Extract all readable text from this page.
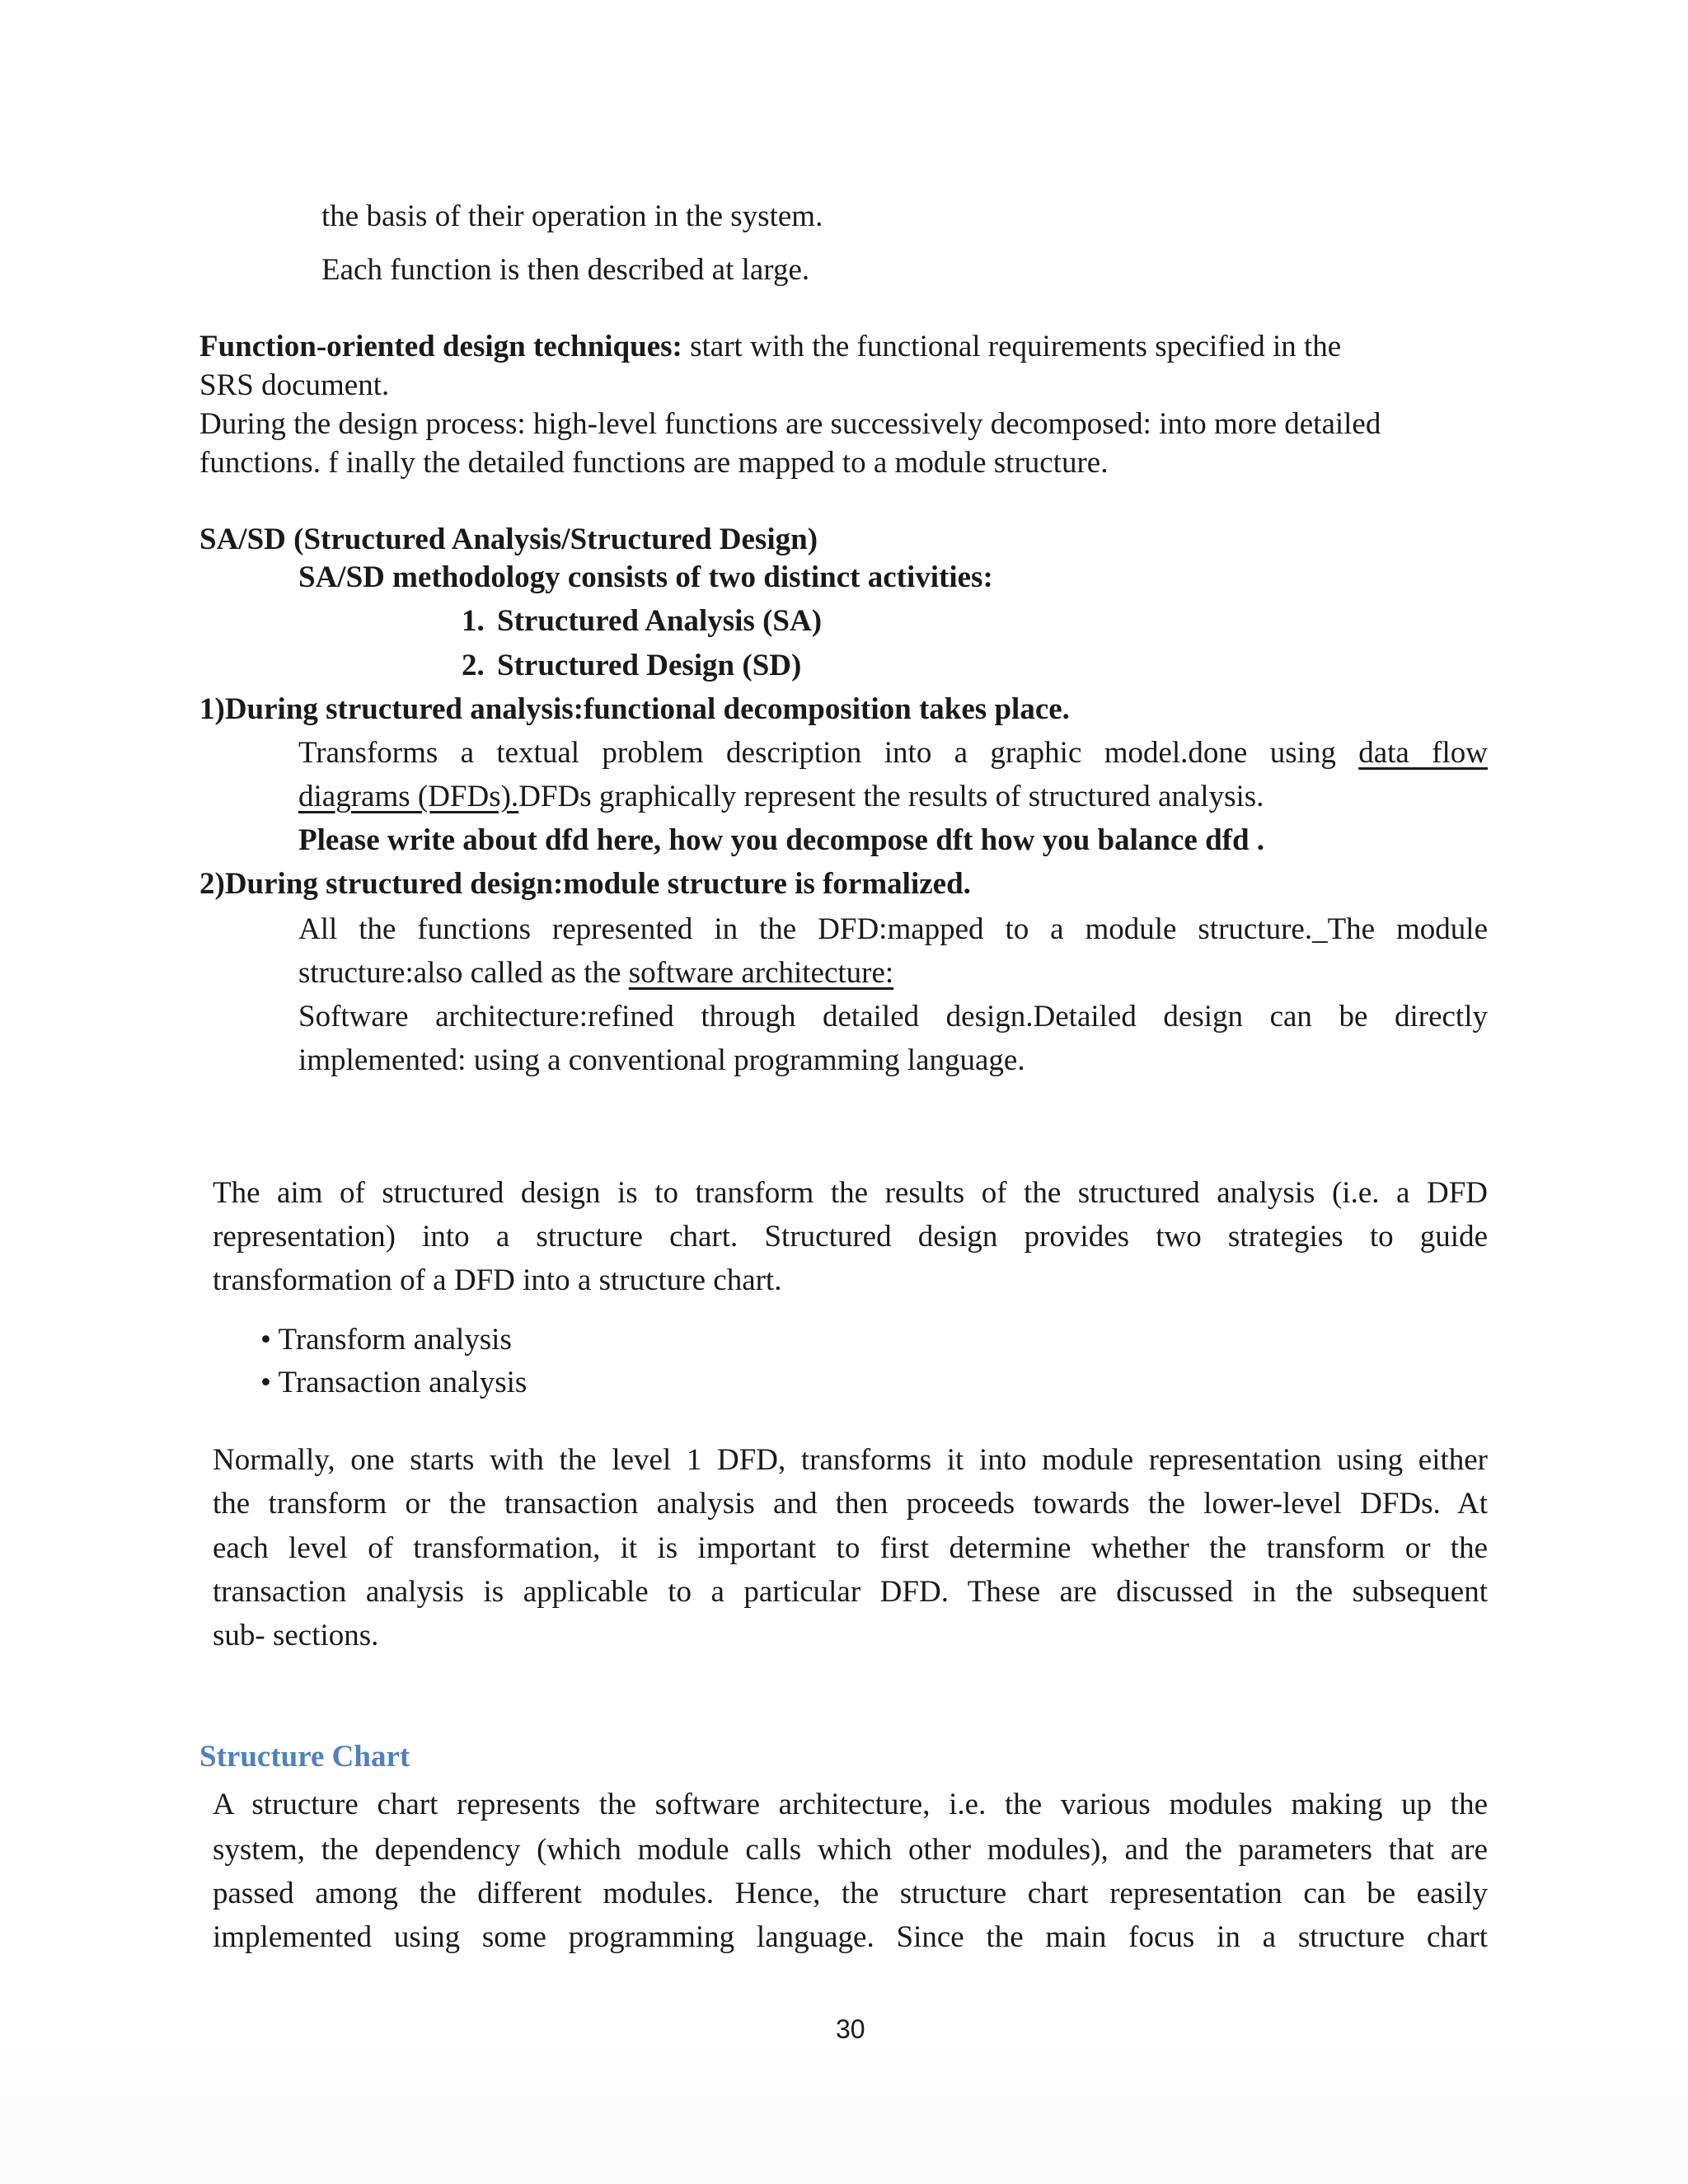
the basis of their operation in the system.
Each function is then described at large.
Function-oriented design techniques: start with the functional requirements specified in the
SRS document.
During the design process: high-level functions are successively decomposed: into more detailed
functions. f inally the detailed functions are mapped to a module structure.
SA/SD (Structured Analysis/Structured Design)
SA/SD methodology consists of two distinct activities:
1. Structured Analysis (SA)
2. Structured Design (SD)
1)During structured analysis:functional decomposition takes place.
Transforms a textual problem description into a graphic model.done using data flow
diagrams (DFDs).DFDs graphically represent the results of structured analysis.
Please write about dfd here, how you decompose dft how you balance dfd .
2)During structured design:module structure is formalized.
All the functions represented in the DFD:mapped to a module structure._The module
structure:also called as the software architecture:
Software architecture:refined through detailed design.Detailed design can be directly
implemented: using a conventional programming language.
The aim of structured design is to transform the results of the structured analysis (i.e. a DFD
representation) into a structure chart. Structured design provides two strategies to guide
transformation of a DFD into a structure chart.
• Transform analysis
• Transaction analysis
Normally, one starts with the level 1 DFD, transforms it into module representation using either
the transform or the transaction analysis and then proceeds towards the lower-level DFDs. At
each level of transformation, it is important to first determine whether the transform or the
transaction analysis is applicable to a particular DFD. These are discussed in the subsequent
sub- sections.
Structure Chart
A structure chart represents the software architecture, i.e. the various modules making up the
system, the dependency (which module calls which other modules), and the parameters that are
passed among the different modules. Hence, the structure chart representation can be easily
implemented using some programming language. Since the main focus in a structure chart
30
